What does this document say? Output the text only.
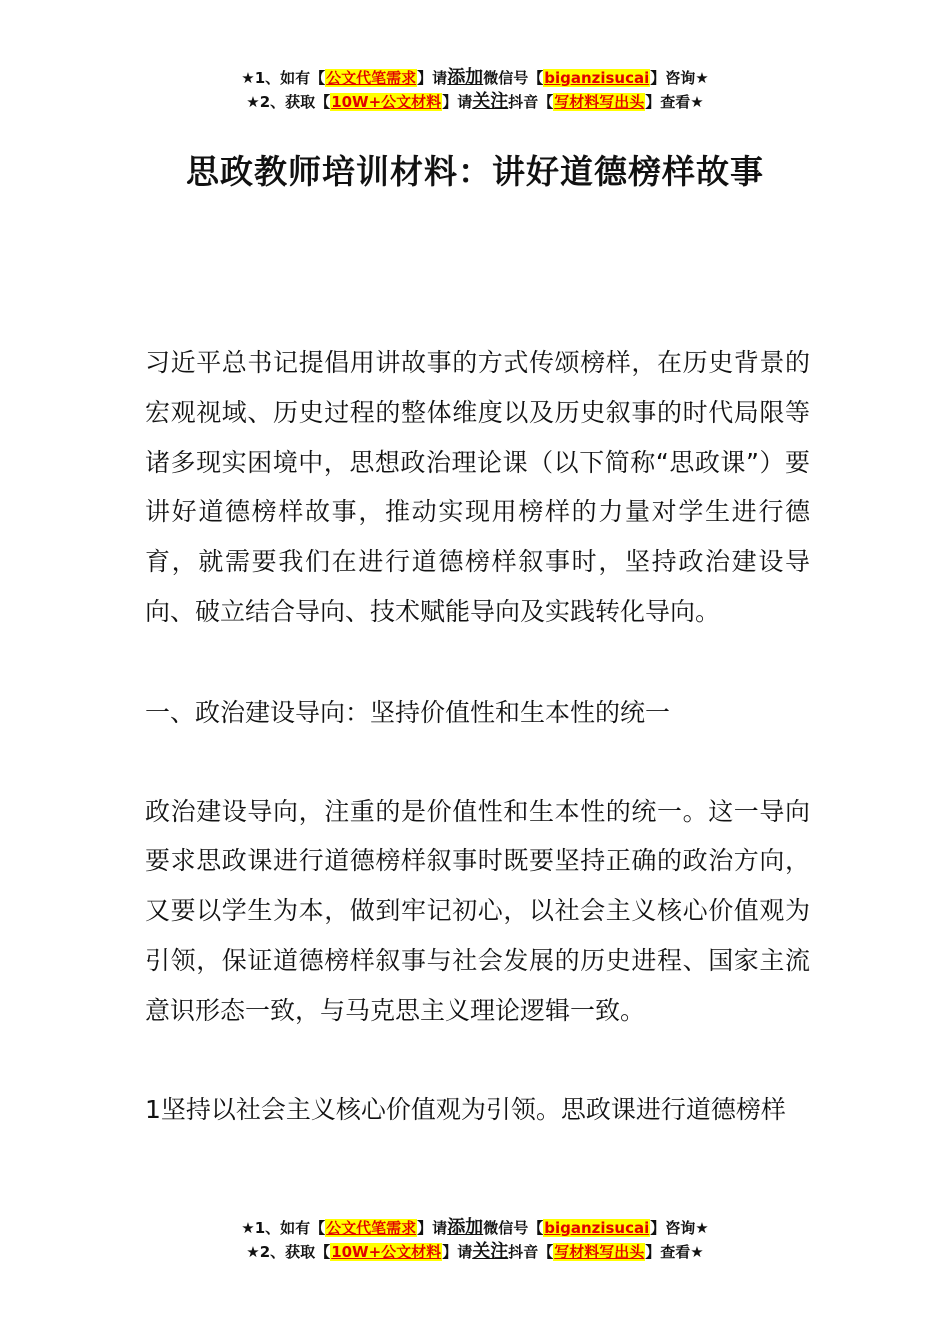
★1、如有【公文代笔需求】请添加微信号【biganzisucai】咨询★
★2、获取【10W+公文材料】请关注抖音【写材料写出头】查看★
思政教师培训材料：讲好道德榜样故事

习近平总书记提倡用讲故事的方式传颂榜样，在历史背景的宏观视域、历史过程的整体维度以及历史叙事的时代局限等诸多现实困境中，思想政治理论课（以下简称“思政课”）要讲好道德榜样故事，推动实现用榜样的力量对学生进行德育，就需要我们在进行道德榜样叙事时，坚持政治建设导向、破立结合导向、技术赋能导向及实践转化导向。

一、政治建设导向：坚持价值性和生本性的统一

政治建设导向，注重的是价值性和生本性的统一。这一导向要求思政课进行道德榜样叙事时既要坚持正确的政治方向，又要以学生为本，做到牢记初心，以社会主义核心价值观为引领，保证道德榜样叙事与社会发展的历史进程、国家主流意识形态一致，与马克思主义理论逻辑一致。

1坚持以社会主义核心价值观为引领。思政课进行道德榜样

★1、如有【公文代笔需求】请添加微信号【biganzisucai】咨询★
★2、获取【10W+公文材料】请关注抖音【写材料写出头】查看★
